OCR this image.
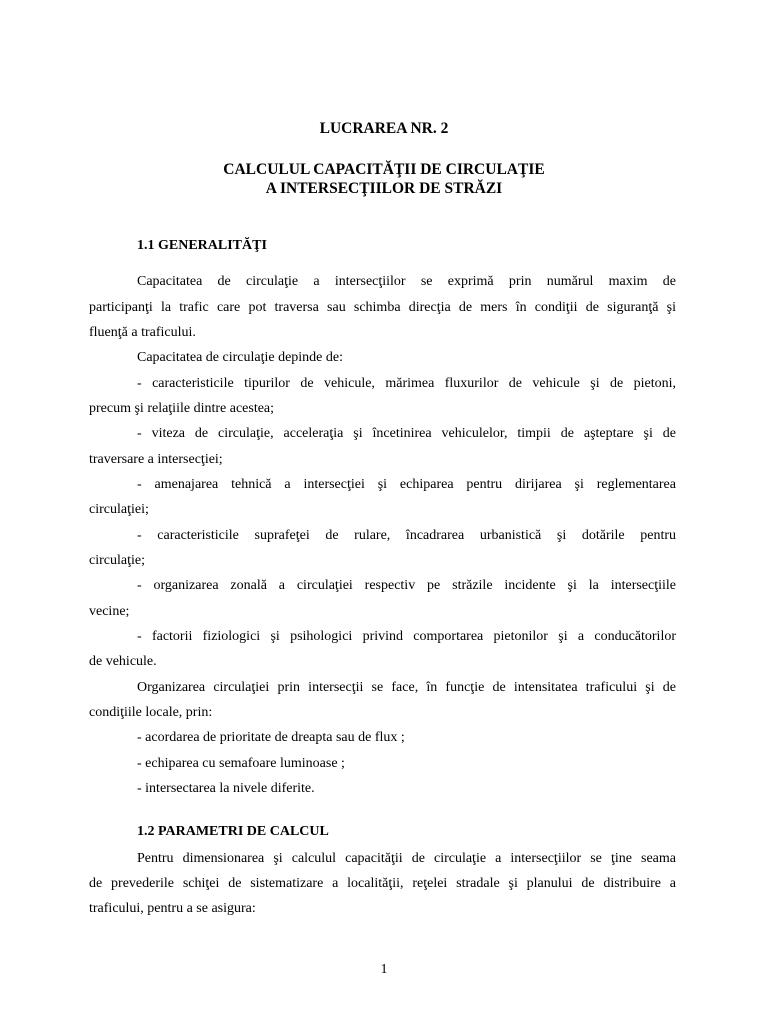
LUCRAREA NR. 2
CALCULUL CAPACITĂŢII DE CIRCULAŢIE
A INTERSECŢIILOR DE STRĂZI
1.1 GENERALITĂŢI
Capacitatea de circulaţie a intersecţiilor se exprimă prin numărul maxim de
participanţi la trafic care pot traversa sau schimba direcţia de mers în condiţii de siguranţă şi
fluenţă a traficului.
Capacitatea de circulaţie depinde de:
- caracteristicile tipurilor de vehicule, mărimea fluxurilor de vehicule şi de pietoni,
precum şi relaţiile dintre acestea;
- viteza de circulaţie, acceleraţia şi încetinirea vehiculelor, timpii de aşteptare şi de
traversare a intersecţiei;
- amenajarea tehnică a intersecţiei şi echiparea pentru dirijarea şi reglementarea
circulaţiei;
- caracteristicile suprafeţei de rulare, încadrarea urbanistică şi dotările pentru
circulaţie;
- organizarea zonală a circulaţiei respectiv pe străzile incidente şi la intersecţiile
vecine;
- factorii fiziologici şi psihologici privind comportarea pietonilor şi a conducătorilor
de vehicule.
Organizarea circulaţiei prin intersecţii se face, în funcţie de intensitatea traficului şi de
condiţiile locale, prin:
- acordarea de prioritate de dreapta sau de flux ;
- echiparea cu semafoare luminoase ;
- intersectarea la nivele diferite.
1.2 PARAMETRI DE CALCUL
Pentru dimensionarea şi calculul capacităţii de circulaţie a intersecţiilor se ţine seama
de prevederile schiţei de sistematizare a localităţii, reţelei stradale şi planului de distribuire a
traficului, pentru a se asigura:
1
